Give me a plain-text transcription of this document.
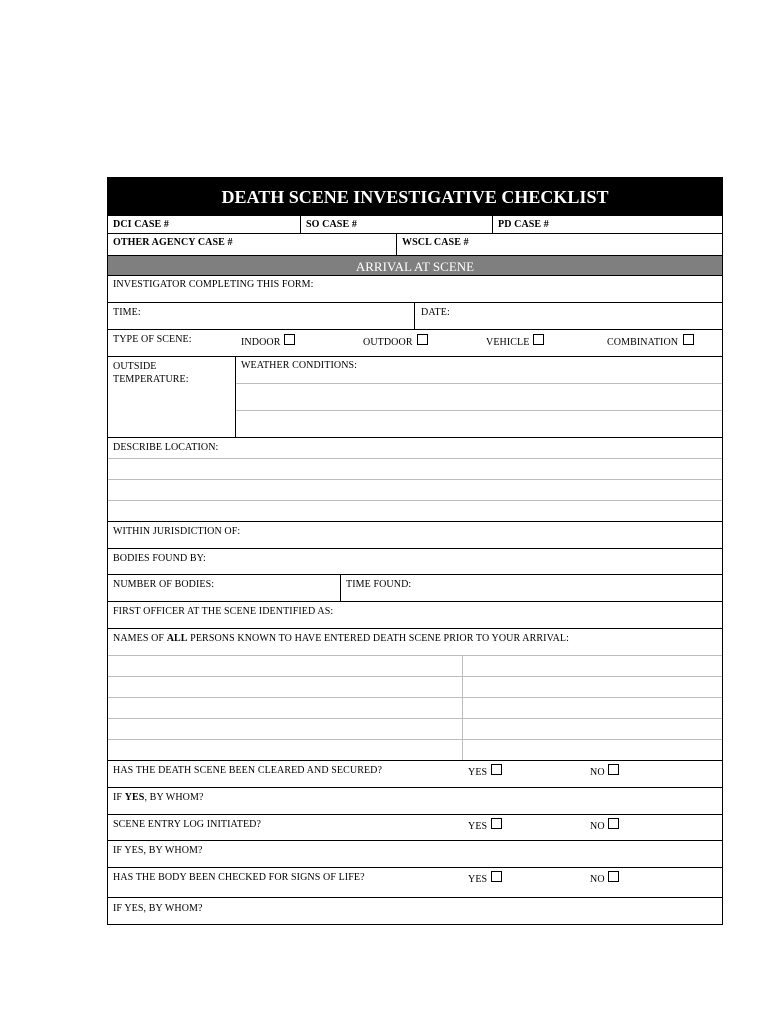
DEATH SCENE INVESTIGATIVE CHECKLIST
DCI CASE #	SO CASE #	PD CASE #
OTHER AGENCY CASE #	WSCL CASE #
ARRIVAL AT SCENE
INVESTIGATOR COMPLETING THIS FORM:
TIME:	DATE:
TYPE OF SCENE:	INDOOR	OUTDOOR	VEHICLE	COMBINATION
OUTSIDE TEMPERATURE:
WEATHER CONDITIONS:
DESCRIBE LOCATION:
WITHIN JURISDICTION OF:
BODIES FOUND BY:
NUMBER OF BODIES:	TIME FOUND:
FIRST OFFICER AT THE SCENE IDENTIFIED AS:
NAMES OF ALL PERSONS KNOWN TO HAVE ENTERED DEATH SCENE PRIOR TO YOUR ARRIVAL:
HAS THE DEATH SCENE BEEN CLEARED AND SECURED?	YES	NO
IF YES, BY WHOM?
SCENE ENTRY LOG INITIATED?	YES	NO
IF YES, BY WHOM?
HAS THE BODY BEEN CHECKED FOR SIGNS OF LIFE?	YES	NO
IF YES, BY WHOM?
